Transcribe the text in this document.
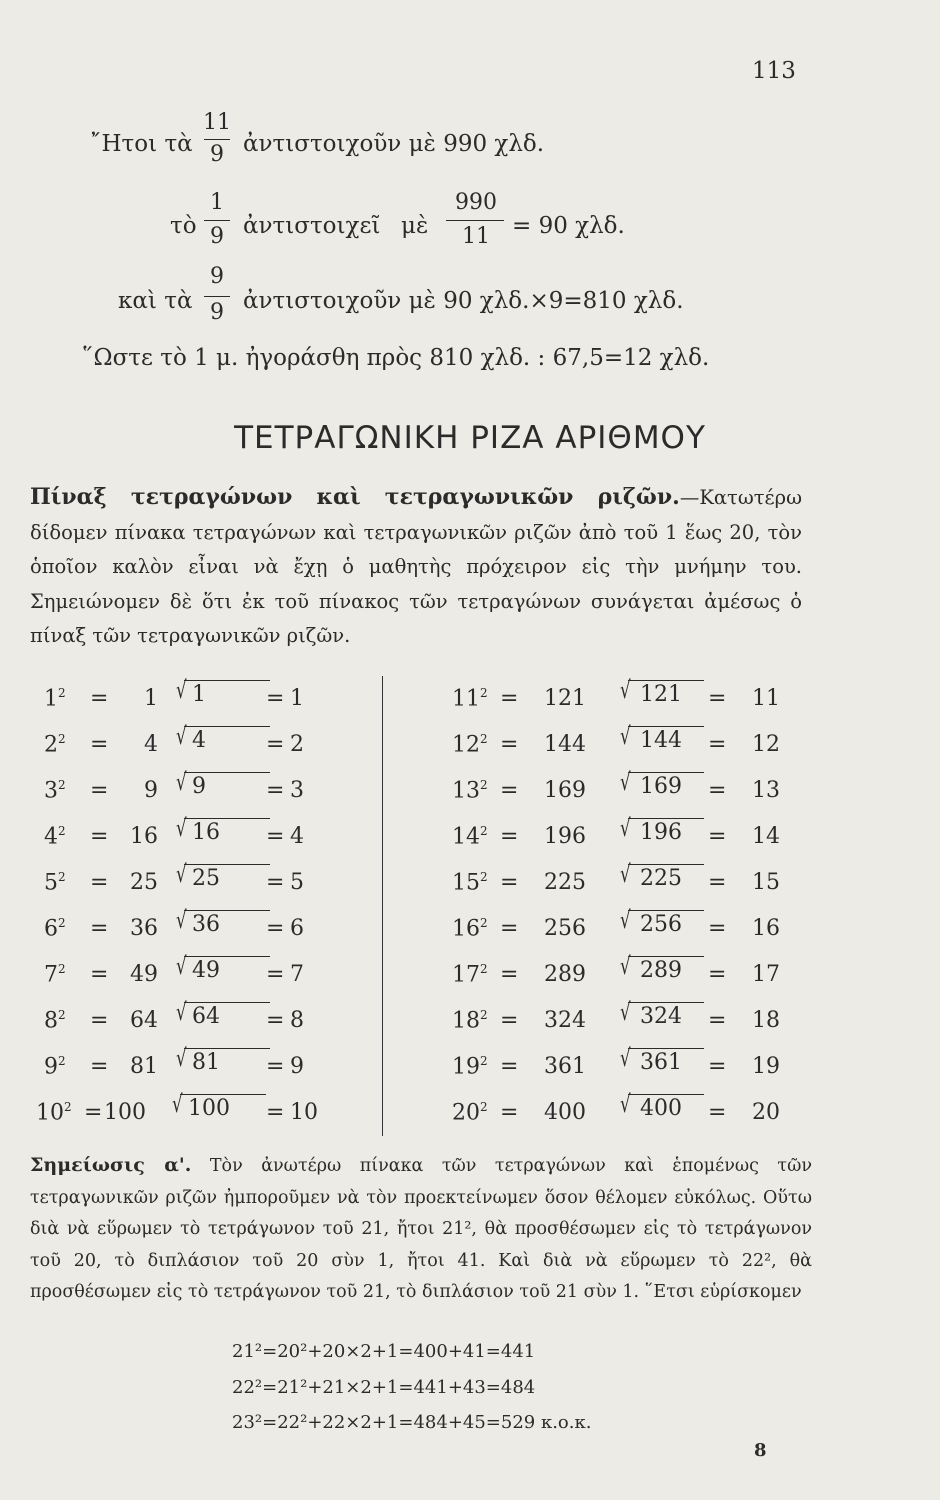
113
῎Ητοι τὰ
11
9 ἀντιστοιχοῦν μὲ 990 χλδ.
τὸ
1
9 ἀντιστοιχεῖ μὲ
990
11 = 90 χλδ.
καὶ τὰ
9
9 ἀντιστοιχοῦν μὲ 90 χλδ.×9=810 χλδ.
῞Ωστε τὸ 1 μ. ἠγοράσθη πρὸς 810 χλδ. : 67,5=12 χλδ.
ΤΕΤΡΑΓΩΝΙΚΗ ΡΙΖΑ ΑΡΙΘΜΟΥ
Πίναξ τετραγώνων καὶ τετραγωνικῶν ριζῶν.—Κατωτέρω δίδομεν πίνακα τετραγώνων καὶ τετραγωνικῶν ριζῶν ἀπὸ τοῦ 1 ἕως 20, τὸν ὁποῖον καλὸν εἶναι νὰ ἔχῃ ὁ μαθητὴς πρόχειρον εἰς τὴν μνήμην του. Σημειώνομεν δὲ ὅτι ἐκ τοῦ πίνακος τῶν τετραγώνων συνάγεται ἀμέσως ὁ πίναξ τῶν τετραγωνικῶν ριζῶν.
$1^2$ =	1 √ 1	= 1	$11^2 = 121$ √ 121 = 11
$2^2$ =	4 √ 4	= 2	$12^2 = 144$ √ 144 = 12
$3^2$ =	9 √ 9	= 3	$13^2 = 169$ √ 169 = 13
$4^2 = 16$ √ 16 = 4	$14^2 = 196$ √ 196 = 14
$5^2 = 25$ √ 25 = 5	$15^2 = 225$ √ 225 = 15
$6^2 = 36$ √ 36 = 6	$16^2 = 256$ √ 256 = 16
$7^2 = 49$ √ 49 = 7	$17^2 = 289$ √ 289 = 17
$8^2 = 64$ √ 64 = 8	$18^2 = 324$ √ 324 = 18
$9^2 = 81$ √ 81 = 9	$19^2 = 361$ √ 361 = 19
$10^2 = 100$ √ 100 = 10	$20^2 = 400$ √ 400 = 20
Σημείωσις α'. Τὸν ἀνωτέρω πίνακα τῶν τετραγώνων καὶ ἑπομένως τῶν τετραγωνικῶν ριζῶν ἠμποροῦμεν νὰ τὸν προεκτείνωμεν ὅσον θέλομεν εὐκόλως. Οὕτω διὰ νὰ εὕρωμεν τὸ τετράγωνον τοῦ 21, ἤτοι 21², θὰ προσθέσωμεν εἰς τὸ τετράγωνον τοῦ 20, τὸ διπλάσιον τοῦ 20 σὺν 1, ἤτοι 41. Καὶ διὰ νὰ εὕρωμεν τὸ 22², θὰ προσθέσωμεν εἰς τὸ τετράγωνον τοῦ 21, τὸ διπλάσιον τοῦ 21 σὺν 1. ῞Ετσι εὑρίσκομεν
21²=20²+20×2+1=400+41=441
22²=21²+21×2+1=441+43=484
23²=22²+22×2+1=484+45=529 κ.ο.κ.
8
